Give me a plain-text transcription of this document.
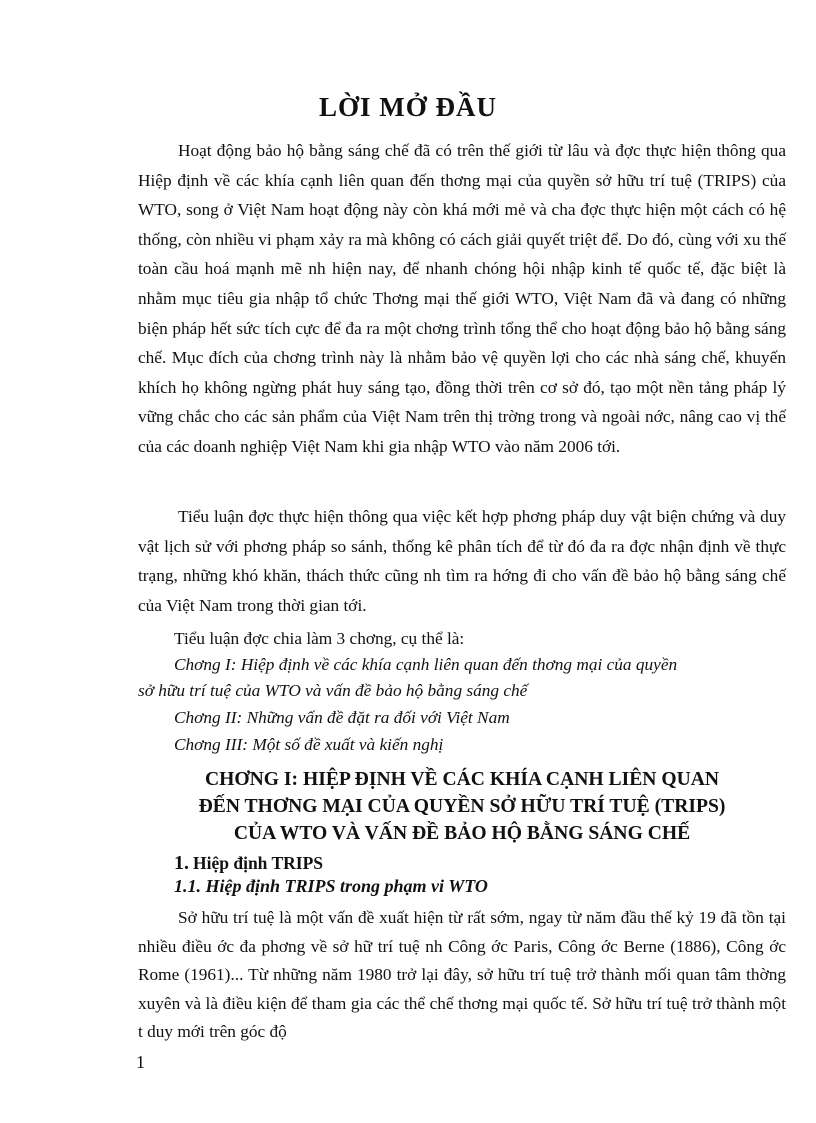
LỜI MỞ ĐẦU

Hoạt động bảo hộ bằng sáng chế đã có trên thế giới từ lâu và đợc thực hiện thông qua Hiệp định về các khía cạnh liên quan đến thơng mại của quyền sở hữu trí tuệ (TRIPS) của WTO, song ở Việt Nam hoạt động này còn khá mới mẻ và cha đợc thực hiện một cách có hệ thống, còn nhiều vi phạm xảy ra mà không có cách giải quyết triệt để. Do đó, cùng với xu thế toàn cầu hoá mạnh mẽ nh hiện nay, để nhanh chóng hội nhập kinh tế quốc tế, đặc biệt là nhằm mục tiêu gia nhập tổ chức Thơng mại thế giới WTO, Việt Nam đã và đang có những biện pháp hết sức tích cực để đa ra một chơng trình tổng thể cho hoạt động bảo hộ bằng sáng chế. Mục đích của chơng trình này là nhằm bảo vệ quyền lợi cho các nhà sáng chế, khuyến khích họ không ngừng phát huy sáng tạo, đồng thời trên cơ sở đó, tạo một nền tảng pháp lý vững chắc cho các sản phẩm của Việt Nam trên thị trờng trong và ngoài nớc, nâng cao vị thế của các doanh nghiệp Việt Nam khi gia nhập WTO vào năm 2006 tới.

Tiểu luận đợc thực hiện thông qua việc kết hợp phơng pháp duy vật biện chứng và duy vật lịch sử với phơng pháp so sánh, thống kê phân tích để từ đó đa ra đợc nhận định về thực trạng, những khó khăn, thách thức cũng nh tìm ra hớng đi cho vấn đề bảo hộ bằng sáng chế của Việt Nam trong thời gian tới.

Tiểu luận đợc chia làm 3 chơng, cụ thể là:

Chơng I: Hiệp định về các khía cạnh liên quan đến thơng mại của quyền

sở hữu trí tuệ của WTO và vấn đề bảo hộ bằng sáng chế

Chơng II: Những vấn đề đặt ra đối với Việt Nam

Chơng III: Một số đề xuất và kiến nghị

CHƠNG I: HIỆP ĐỊNH VỀ CÁC KHÍA CẠNH LIÊN QUAN
ĐẾN THƠNG MẠI CỦA QUYỀN SỞ HỮU TRÍ TUỆ (TRIPS)
CỦA WTO VÀ VẤN ĐỀ BẢO HỘ BẰNG SÁNG CHẾ
1. Hiệp định TRIPS
1.1. Hiệp định TRIPS trong phạm vi WTO

Sở hữu trí tuệ là một vấn đề xuất hiện từ rất sớm, ngay từ năm đầu thế kỷ 19 đã tồn tại nhiều điều ớc đa phơng về sở hữ trí tuệ nh Công ớc Paris, Công ớc Berne (1886), Công ớc Rome (1961)... Từ những năm 1980 trở lại đây, sở hữu trí tuệ trở thành mối quan tâm thờng xuyên và là điều kiện để tham gia các thể chế thơng mại quốc tế. Sở hữu trí tuệ trở thành một t duy mới trên góc độ

1
